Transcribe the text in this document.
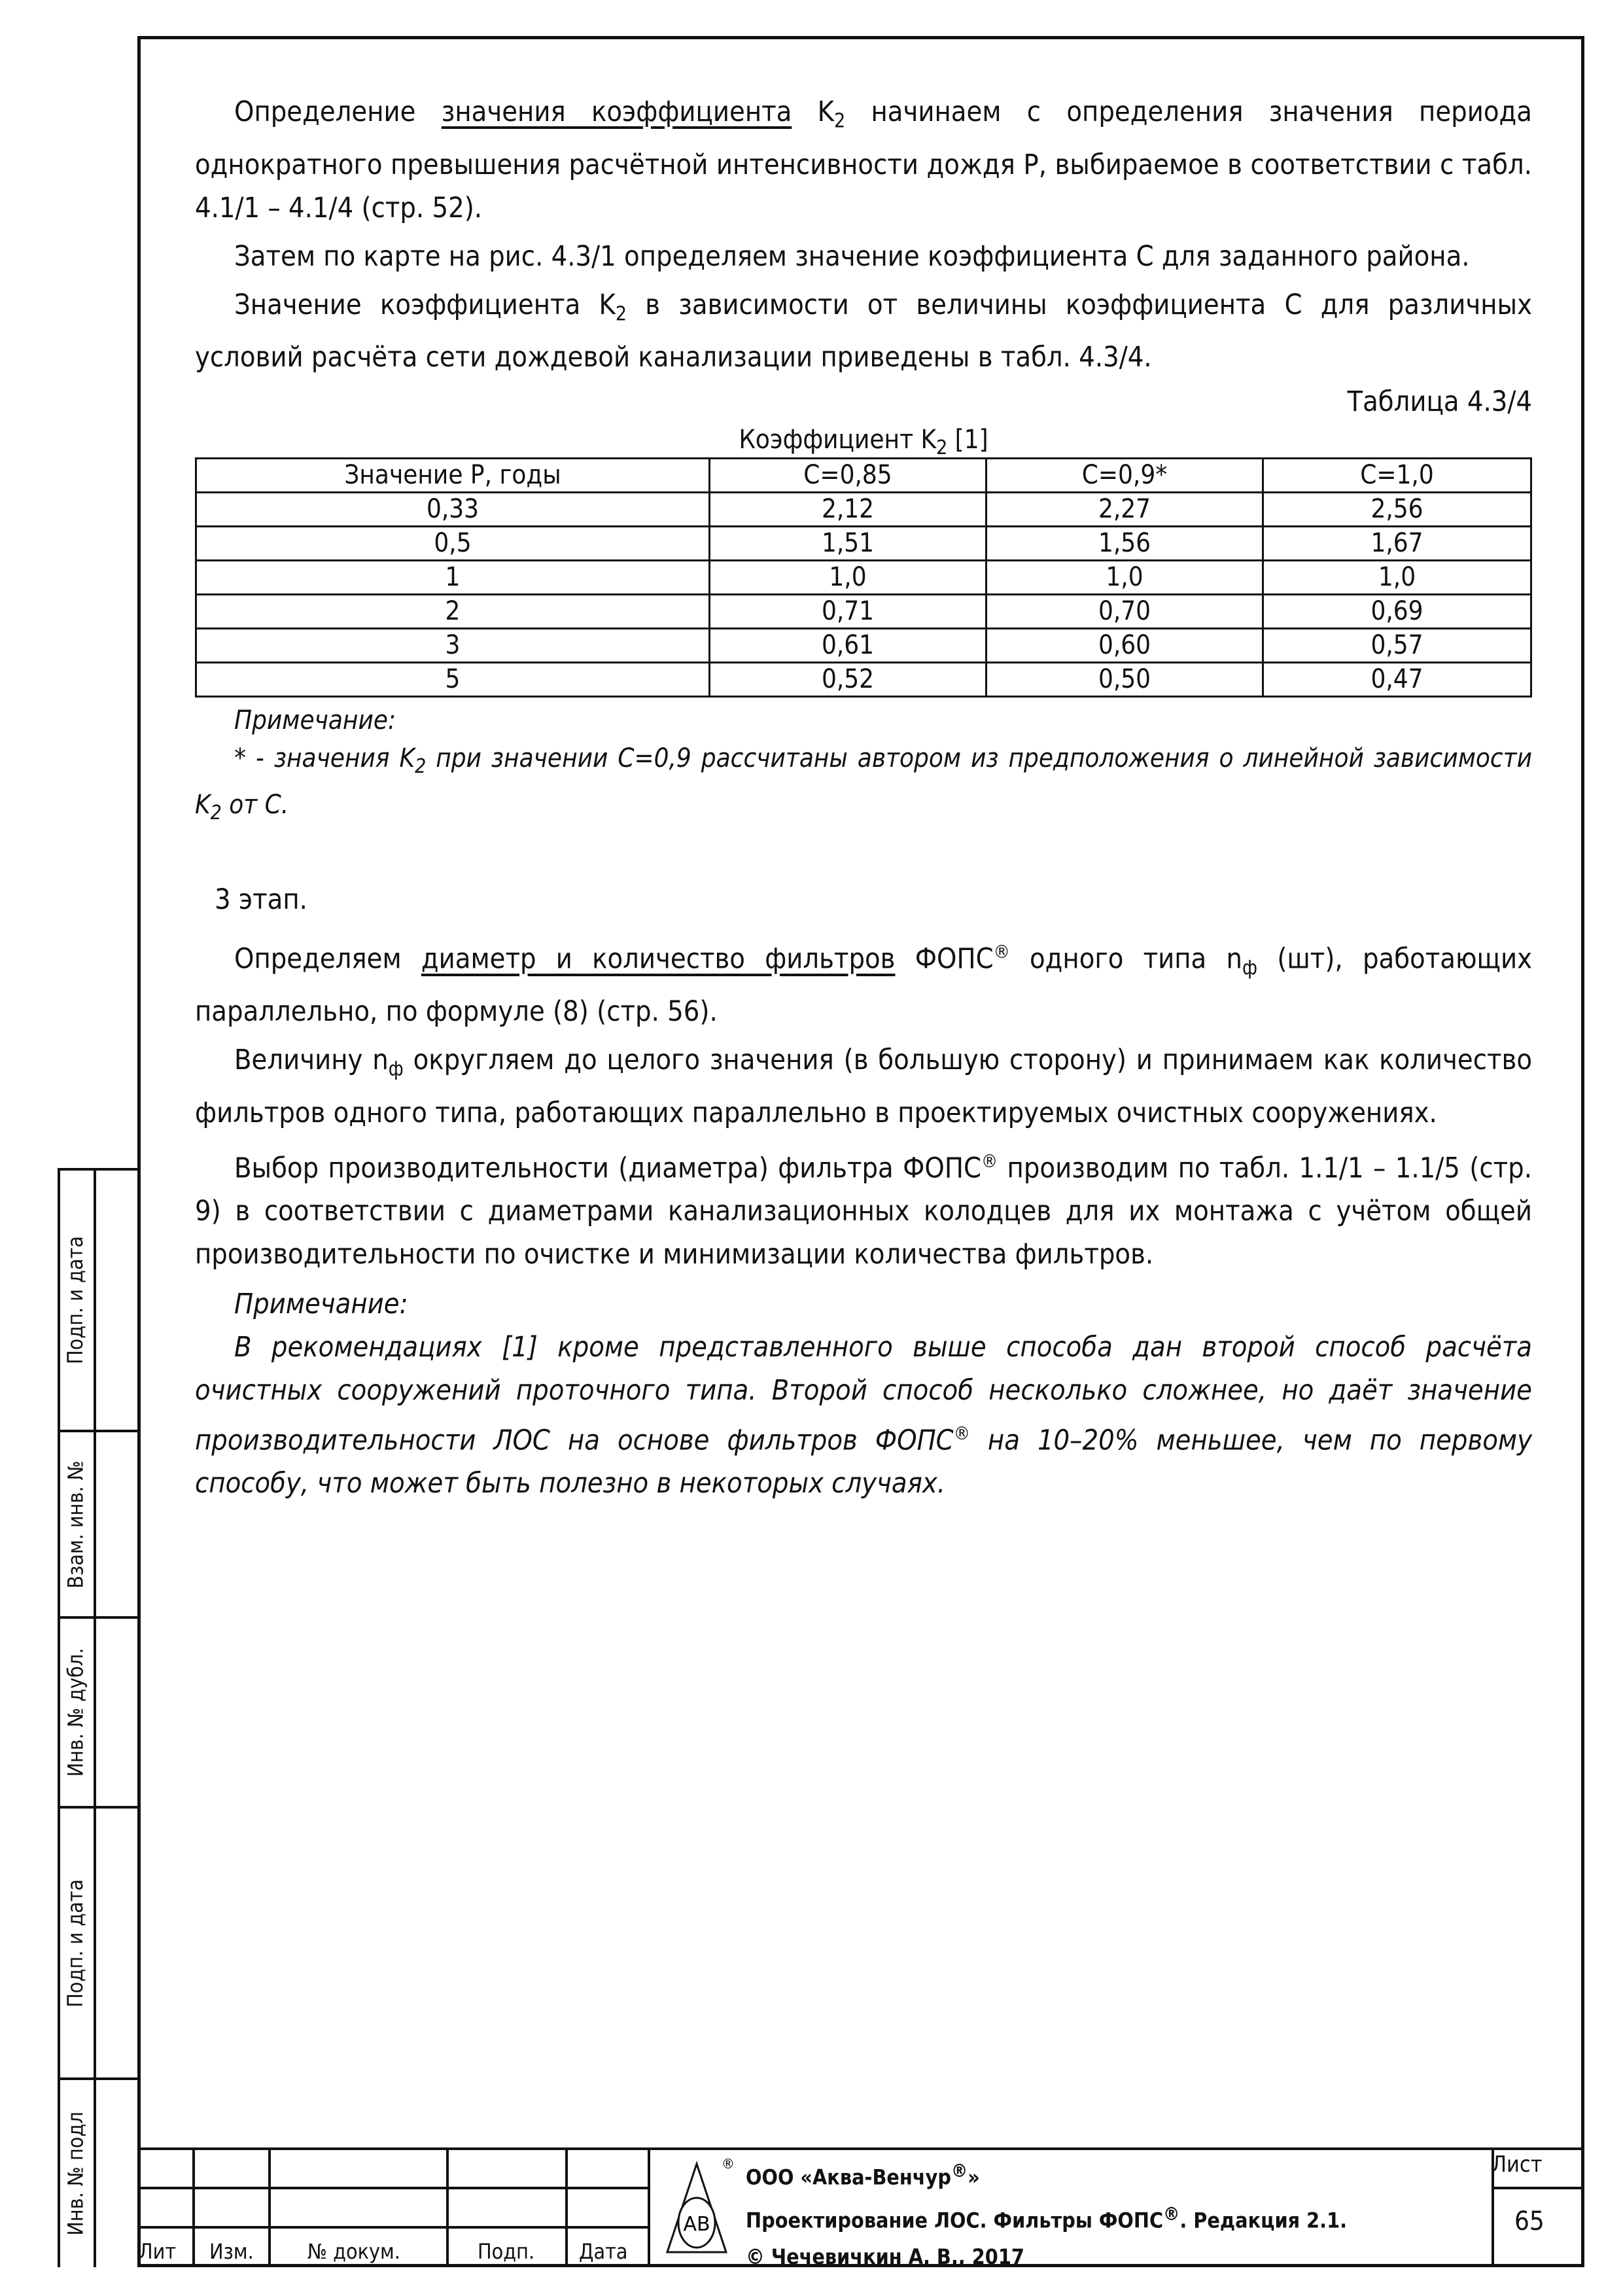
Определение значения коэффициента $K_2$ начинаем с определения значения периода однократного превышения расчётной интенсивности дождя P, выбираемое в соответствии с табл. 4.1/1 – 4.1/4 (стр. 52).

Затем по карте на рис. 4.3/1 определяем значение коэффициента C для заданного района.

Значение коэффициента $K_2$ в зависимости от величины коэффициента C для различных условий расчёта сети дождевой канализации приведены в табл. 4.3/4.

Таблица 4.3/4
Коэффициент $K_2$ [1]
Значение P, годы	C=0,85	C=0,9*	C=1,0
0,33	2,12	2,27	2,56
0,5	1,51	1,56	1,67
1	1,0	1,0	1,0
2	0,71	0,70	0,69
3	0,61	0,60	0,57
5	0,52	0,50	0,47
Примечание:
* - значения $K_2$ при значении C=0,9 рассчитаны автором из предположения о линейной зависимости $K_2$ от C.
3 этап.

Определяем диаметр и количество фильтров ФОПС® одного типа $n_ф$ (шт), работающих параллельно, по формуле (8) (стр. 56).

Величину $n_ф$ округляем до целого значения (в большую сторону) и принимаем как количество фильтров одного типа, работающих параллельно в проектируемых очистных сооружениях.

Выбор производительности (диаметра) фильтра ФОПС® производим по табл. 1.1/1 – 1.1/5 (стр. 9) в соответствии с диаметрами канализационных колодцев для их монтажа с учётом общей производительности по очистке и минимизации количества фильтров.

Примечание:

В рекомендациях [1] кроме представленного выше способа дан второй способ расчёта очистных сооружений проточного типа. Второй способ несколько сложнее, но даёт значение производительности ЛОС на основе фильтров ФОПС® на 10–20% меньшее, чем по первому способу, что может быть полезно в некоторых случаях.

Подп. и дата
Взам. инв. №
Инв. № дубл.
Подп. и дата
Инв. № подл
Лит Изм.	№ докум.	Подп. Дата
АВ
®
ООО «Аква-Венчур®»
Проектирование ЛОС. Фильтры ФОПС®. Редакция 2.1.
© Чечевичкин А. В., 2017
Лист
65
